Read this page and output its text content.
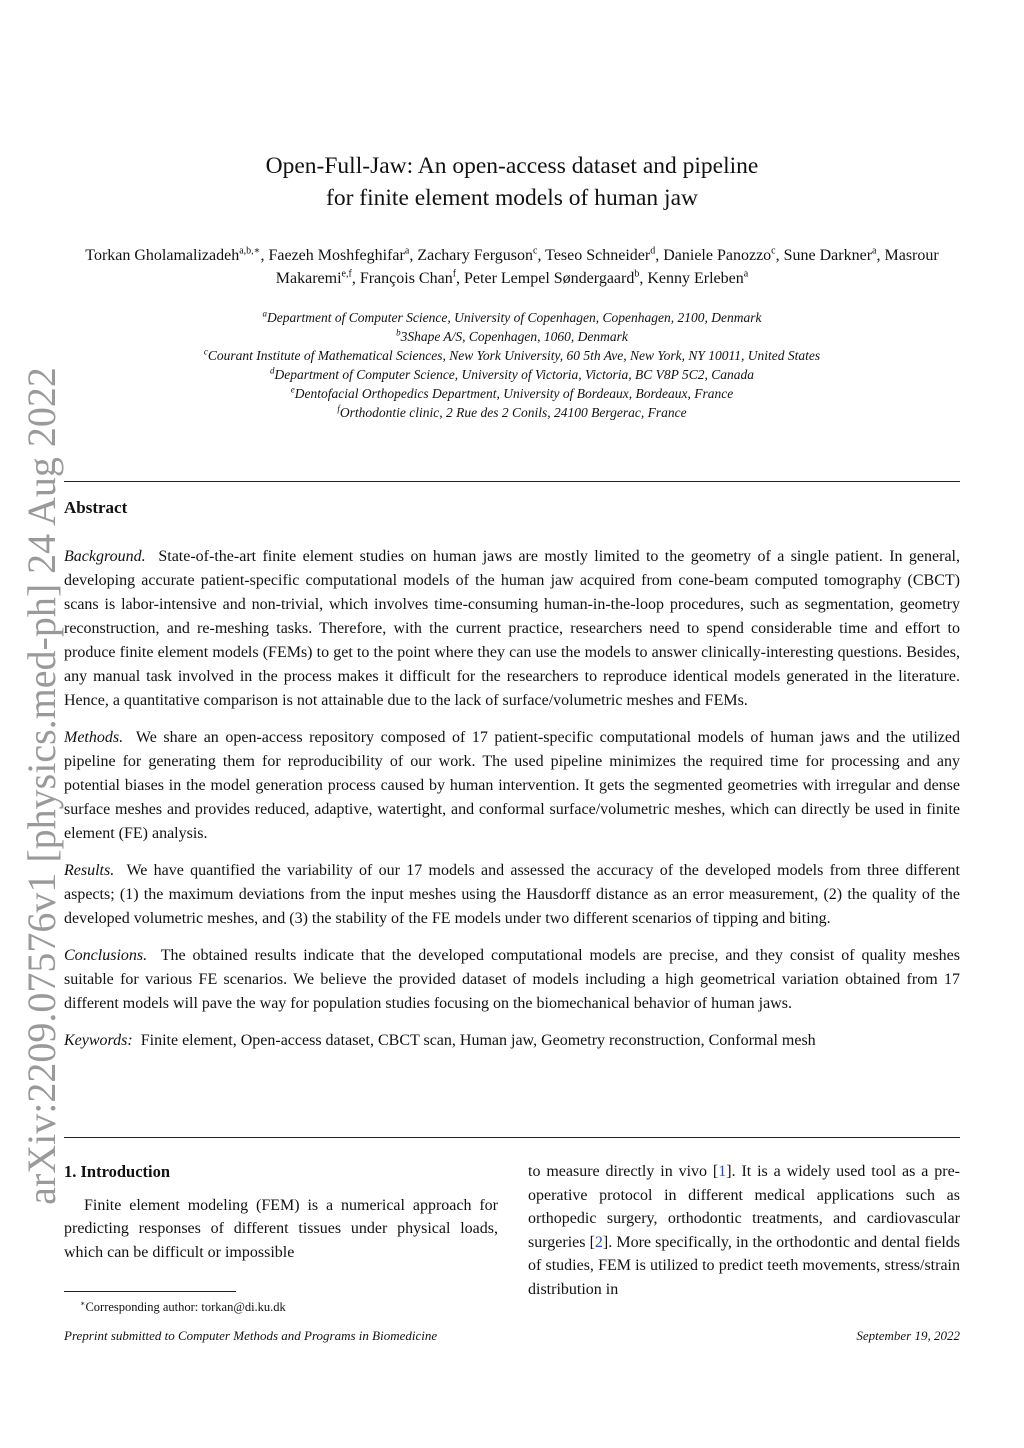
arXiv:2209.07576v1 [physics.med-ph] 24 Aug 2022
Open-Full-Jaw: An open-access dataset and pipeline
for finite element models of human jaw
Torkan Gholamalizadeh$^{a,b,∗}$, Faezeh Moshfeghifar$^a$, Zachary Ferguson$^c$, Teseo Schneider$^d$, Daniele Panozzo$^c$, Sune Darkner$^a$, Masrour Makaremi$^{e,f}$, François Chan$^f$, Peter Lempel Søndergaard$^b$, Kenny Erleben$^a$
$^a$Department of Computer Science, University of Copenhagen, Copenhagen, 2100, Denmark
$^b$3Shape A/S, Copenhagen, 1060, Denmark
$^c$Courant Institute of Mathematical Sciences, New York University, 60 5th Ave, New York, NY 10011, United States
$^d$Department of Computer Science, University of Victoria, Victoria, BC V8P 5C2, Canada
$^e$Dentofacial Orthopedics Department, University of Bordeaux, Bordeaux, France
$^f$Orthodontie clinic, 2 Rue des 2 Conils, 24100 Bergerac, France
Abstract

Background. State-of-the-art finite element studies on human jaws are mostly limited to the geometry of a single patient. In general, developing accurate patient-specific computational models of the human jaw acquired from cone-beam computed tomography (CBCT) scans is labor-intensive and non-trivial, which involves time-consuming human-in-the-loop procedures, such as segmentation, geometry reconstruction, and re-meshing tasks. Therefore, with the current practice, researchers need to spend considerable time and effort to produce finite element models (FEMs) to get to the point where they can use the models to answer clinically-interesting questions. Besides, any manual task involved in the process makes it difficult for the researchers to reproduce identical models generated in the literature. Hence, a quantitative comparison is not attainable due to the lack of surface/volumetric meshes and FEMs.

Methods. We share an open-access repository composed of 17 patient-specific computational models of human jaws and the utilized pipeline for generating them for reproducibility of our work. The used pipeline minimizes the required time for processing and any potential biases in the model generation process caused by human intervention. It gets the segmented geometries with irregular and dense surface meshes and provides reduced, adaptive, watertight, and conformal surface/volumetric meshes, which can directly be used in finite element (FE) analysis.

Results. We have quantified the variability of our 17 models and assessed the accuracy of the developed models from three different aspects; (1) the maximum deviations from the input meshes using the Hausdorff distance as an error measurement, (2) the quality of the developed volumetric meshes, and (3) the stability of the FE models under two different scenarios of tipping and biting.

Conclusions. The obtained results indicate that the developed computational models are precise, and they consist of quality meshes suitable for various FE scenarios. We believe the provided dataset of models including a high geometrical variation obtained from 17 different models will pave the way for population studies focusing on the biomechanical behavior of human jaws.

Keywords: Finite element, Open-access dataset, CBCT scan, Human jaw, Geometry reconstruction, Conformal mesh

1. Introduction

Finite element modeling (FEM) is a numerical approach for predicting responses of different tissues under physical loads, which can be difficult or impossible

to measure directly in vivo [1]. It is a widely used tool as a pre-operative protocol in different medical applications such as orthopedic surgery, orthodontic treatments, and cardiovascular surgeries [2]. More specifically, in the orthodontic and dental fields of studies, FEM is utilized to predict teeth movements, stress/strain distribution in

∗Corresponding author: torkan@di.ku.dk
Preprint submitted to Computer Methods and Programs in Biomedicine	September 19, 2022
